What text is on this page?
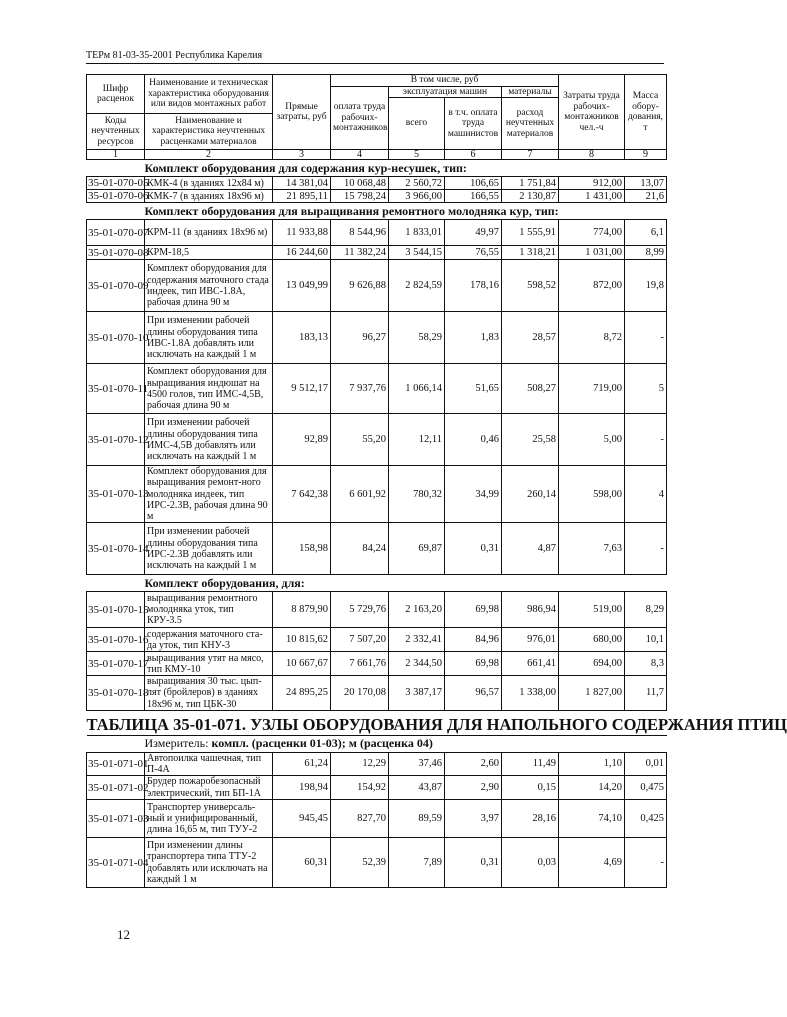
ТЕРм 81-03-35-2001 Республика Карелия
Шифр расценок	Наименование и техническая характеристика оборудования или видов монтажных работ	Прямые затраты, руб	В том числе, руб				Затраты труда рабочих-монтажников чел.-ч	Масса обору-дования, т
			оплата труда рабочих-монтажников	эксплуатация машин		материалы		
				всего	в т.ч. оплата труда машинистов	расход неучтенных материалов		
Коды неучтенных ресурсов	Наименование и характеристика неучтенных расценками материалов							

1	2	3	4	5	6	7	8	9
Комплект оборудования для содержания кур-несушек, тип:								
35-01-070-05	КМК-4 (в зданиях 12х84 м)	14 381,04	10 068,48	2 560,72	106,65	1 751,84	912,00	13,07
35-01-070-06	КМК-7 (в зданиях 18х96 м)	21 895,11	15 798,24	3 966,00	166,55	2 130,87	1 431,00	21,6
Комплект оборудования для выращивания ремонтного молодняка кур, тип:								
35-01-070-07	КРМ-11 (в зданиях 18х96 м)	11 933,88	8 544,96	1 833,01	49,97	1 555,91	774,00	6,1
35-01-070-08	КРМ-18,5	16 244,60	11 382,24	3 544,15	76,55	1 318,21	1 031,00	8,99
35-01-070-09	Комплект оборудования для содержания маточного стада индеек, тип ИВС-1.8А, рабочая длина 90 м	13 049,99	9 626,88	2 824,59	178,16	598,52	872,00	19,8
35-01-070-10	При изменении рабочей длины оборудования типа ИВС-1.8А добавлять или исключать на каждый 1 м	183,13	96,27	58,29	1,83	28,57	8,72	-
35-01-070-11	Комплект оборудования для выращивания индюшат на 4500 голов, тип ИМС-4,5В, рабочая длина 90 м	9 512,17	7 937,76	1 066,14	51,65	508,27	719,00	5
35-01-070-12	При изменении рабочей длины оборудования типа ИМС-4,5В добавлять или исключать на каждый 1 м	92,89	55,20	12,11	0,46	25,58	5,00	-
35-01-070-13	Комплект оборудования для выращивания ремонт-ного молодняка индеек, тип ИРС-2.3В, рабочая длина 90 м	7 642,38	6 601,92	780,32	34,99	260,14	598,00	4
35-01-070-14	При изменении рабочей длины оборудования типа ИРС-2.3В добавлять или исключать на каждый 1 м	158,98	84,24	69,87	0,31	4,87	7,63	-
Комплект оборудования, для:								
35-01-070-15	выращивания ремонтного молодняка уток, тип КРУ-3.5	8 879,90	5 729,76	2 163,20	69,98	986,94	519,00	8,29
35-01-070-16	содержания маточного ста-да уток, тип КНУ-3	10 815,62	7 507,20	2 332,41	84,96	976,01	680,00	10,1
35-01-070-17	выращивания утят на мясо, тип КМУ-10	10 667,67	7 661,76	2 344,50	69,98	661,41	694,00	8,3
35-01-070-18	выращивания 30 тыс. цып-лят (бройлеров) в зданиях 18х96 м, тип ЦБК-30	24 895,25	20 170,08	3 387,17	96,57	1 338,00	1 827,00	11,7
ТАБЛИЦА 35-01-071. УЗЛЫ ОБОРУДОВАНИЯ ДЛЯ НАПОЛЬНОГО СОДЕРЖАНИЯ ПТИЦ								
Измеритель: компл. (расценки 01-03); м (расценка 04)								
35-01-071-01	Автопоилка чашечная, тип П-4А	61,24	12,29	37,46	2,60	11,49	1,10	0,01
35-01-071-02	Брудер пожаробезопасный электрический, тип БП-1А	198,94	154,92	43,87	2,90	0,15	14,20	0,475
35-01-071-03	Транспортер универсаль-ный и унифицированный, длина 16,65 м, тип ТУУ-2	945,45	827,70	89,59	3,97	28,16	74,10	0,425
35-01-071-04	При изменении длины транспортера типа ТТУ-2 добавлять или исключать на каждый 1 м	60,31	52,39	7,89	0,31	0,03	4,69	-
12
